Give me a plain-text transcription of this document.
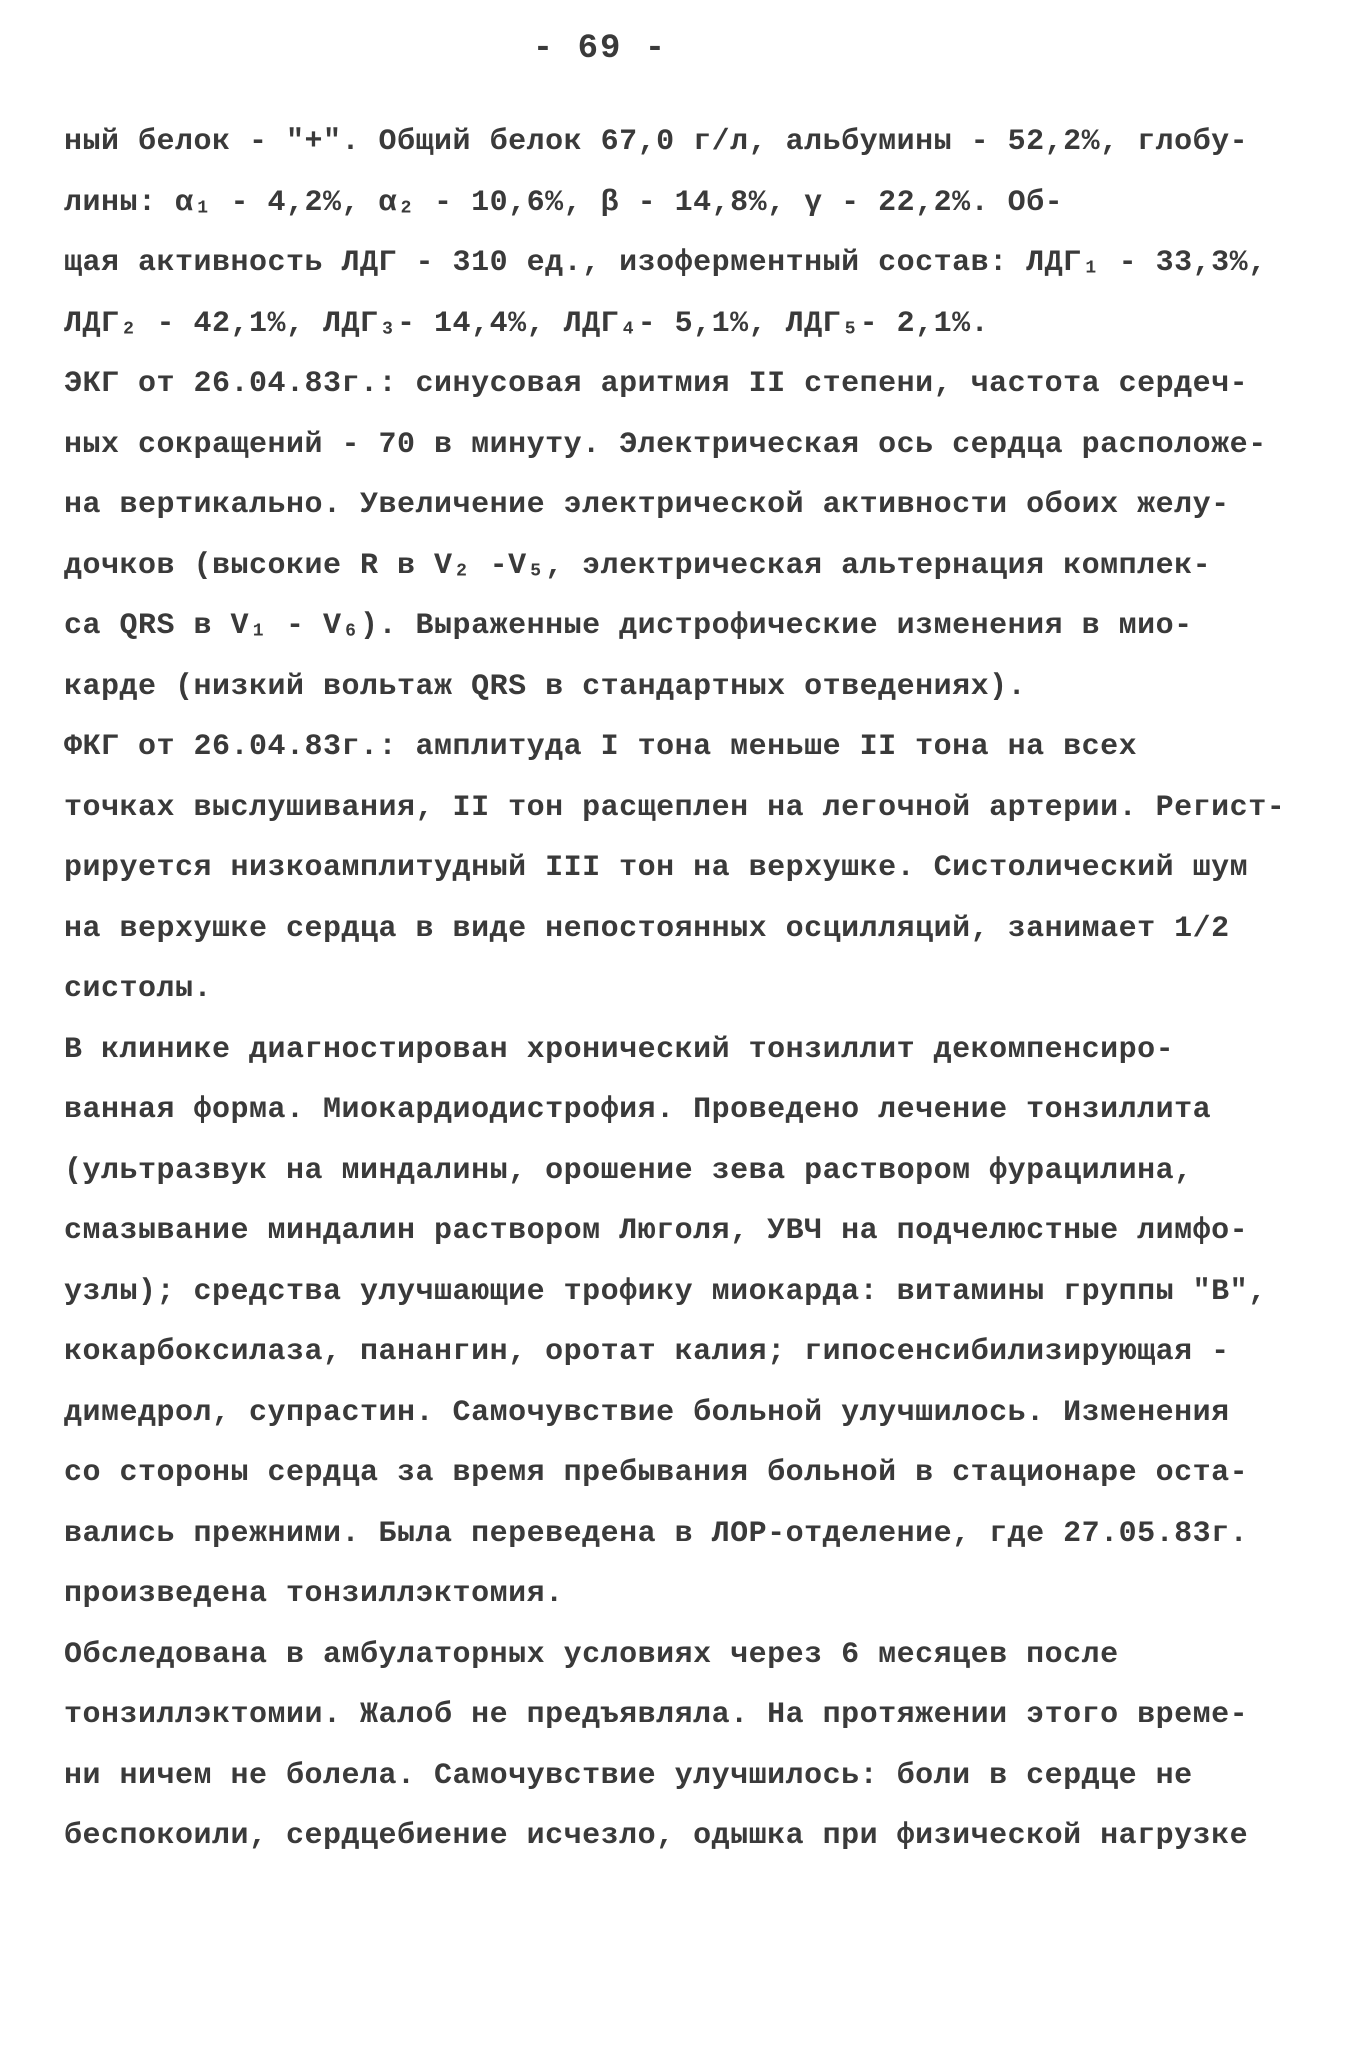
- 69 -
ный белок - "+". Общий белок 67,0 г/л, альбумины - 52,2%, глобу-
лины: α₁ - 4,2%, α₂ - 10,6%, β - 14,8%, γ - 22,2%. Об-
щая активность ЛДГ - 310 ед., изоферментный состав: ЛДГ₁ - 33,3%,
ЛДГ₂ - 42,1%, ЛДГ₃- 14,4%, ЛДГ₄- 5,1%, ЛДГ₅- 2,1%.
ЭКГ от 26.04.83г.: синусовая аритмия II степени, частота сердеч-
ных сокращений - 70 в минуту. Электрическая ось сердца расположе-
на вертикально. Увеличение электрической активности обоих желу-
дочков (высокие R в V₂ -V₅, электрическая альтернация комплек-
са QRS в V₁ - V₆). Выраженные дистрофические изменения в мио-
карде (низкий вольтаж QRS в стандартных отведениях).
ФКГ от 26.04.83г.: амплитуда I тона меньше II тона на всех
точках выслушивания, II тон расщеплен на легочной артерии. Регист-
рируется низкоамплитудный III тон на верхушке. Систолический шум
на верхушке сердца в виде непостоянных осцилляций, занимает 1/2
систолы.
В клинике диагностирован хронический тонзиллит декомпенсиро-
ванная форма. Миокардиодистрофия. Проведено лечение тонзиллита
(ультразвук на миндалины, орошение зева раствором фурацилина,
смазывание миндалин раствором Люголя, УВЧ на подчелюстные лимфо-
узлы); средства улучшающие трофику миокарда: витамины группы "В",
кокарбоксилаза, панангин, оротат калия; гипосенсибилизирующая -
димедрол, супрастин. Самочувствие больной улучшилось. Изменения
со стороны сердца за время пребывания больной в стационаре оста-
вались прежними. Была переведена в ЛОР-отделение, где 27.05.83г.
произведена тонзиллэктомия.
Обследована в амбулаторных условиях через 6 месяцев после
тонзиллэктомии. Жалоб не предъявляла. На протяжении этого време-
ни ничем не болела. Самочувствие улучшилось: боли в сердце не
беспокоили, сердцебиение исчезло, одышка при физической нагрузке
